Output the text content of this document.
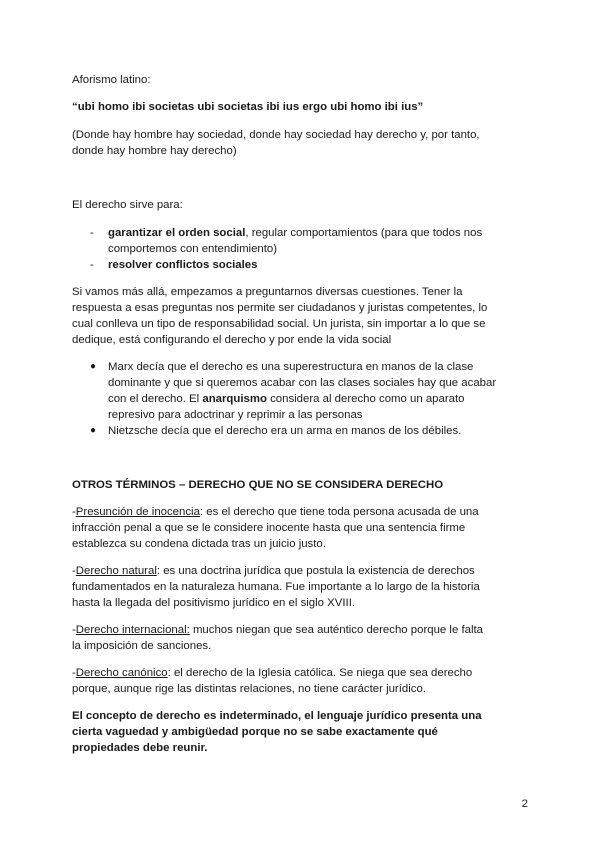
Aforismo latino:

“ubi homo ibi societas ubi societas ibi ius ergo ubi homo ibi ius”

(Donde hay hombre hay sociedad, donde hay sociedad hay derecho y, por tanto,

donde hay hombre hay derecho)

El derecho sirve para:

- garantizar el orden social, regular comportamientos (para que todos nos

comportemos con entendimiento)

- resolver conflictos sociales

Si vamos más allá, empezamos a preguntarnos diversas cuestiones. Tener la

respuesta a esas preguntas nos permite ser ciudadanos y juristas competentes, lo

cual conlleva un tipo de responsabilidad social. Un jurista, sin importar a lo que se

dedique, está configurando el derecho y por ende la vida social

● Marx decía que el derecho es una superestructura en manos de la clase

dominante y que si queremos acabar con las clases sociales hay que acabar

con el derecho. El anarquismo considera al derecho como un aparato

represivo para adoctrinar y reprimir a las personas

● Nietzsche decía que el derecho era un arma en manos de los débiles.

OTROS TÉRMINOS – DERECHO QUE NO SE CONSIDERA DERECHO

-Presunción de inocencia: es el derecho que tiene toda persona acusada de una

infracción penal a que se le considere inocente hasta que una sentencia firme

establezca su condena dictada tras un juicio justo.

-Derecho natural: es una doctrina jurídica que postula la existencia de derechos

fundamentados en la naturaleza humana. Fue importante a lo largo de la historia

hasta la llegada del positivismo jurídico en el siglo XVIII.

-Derecho internacional: muchos niegan que sea auténtico derecho porque le falta

la imposición de sanciones.

-Derecho canónico: el derecho de la Iglesia católica. Se niega que sea derecho

porque, aunque rige las distintas relaciones, no tiene carácter jurídico.

El concepto de derecho es indeterminado, el lenguaje jurídico presenta una

cierta vaguedad y ambigüedad porque no se sabe exactamente qué

propiedades debe reunir.

2
